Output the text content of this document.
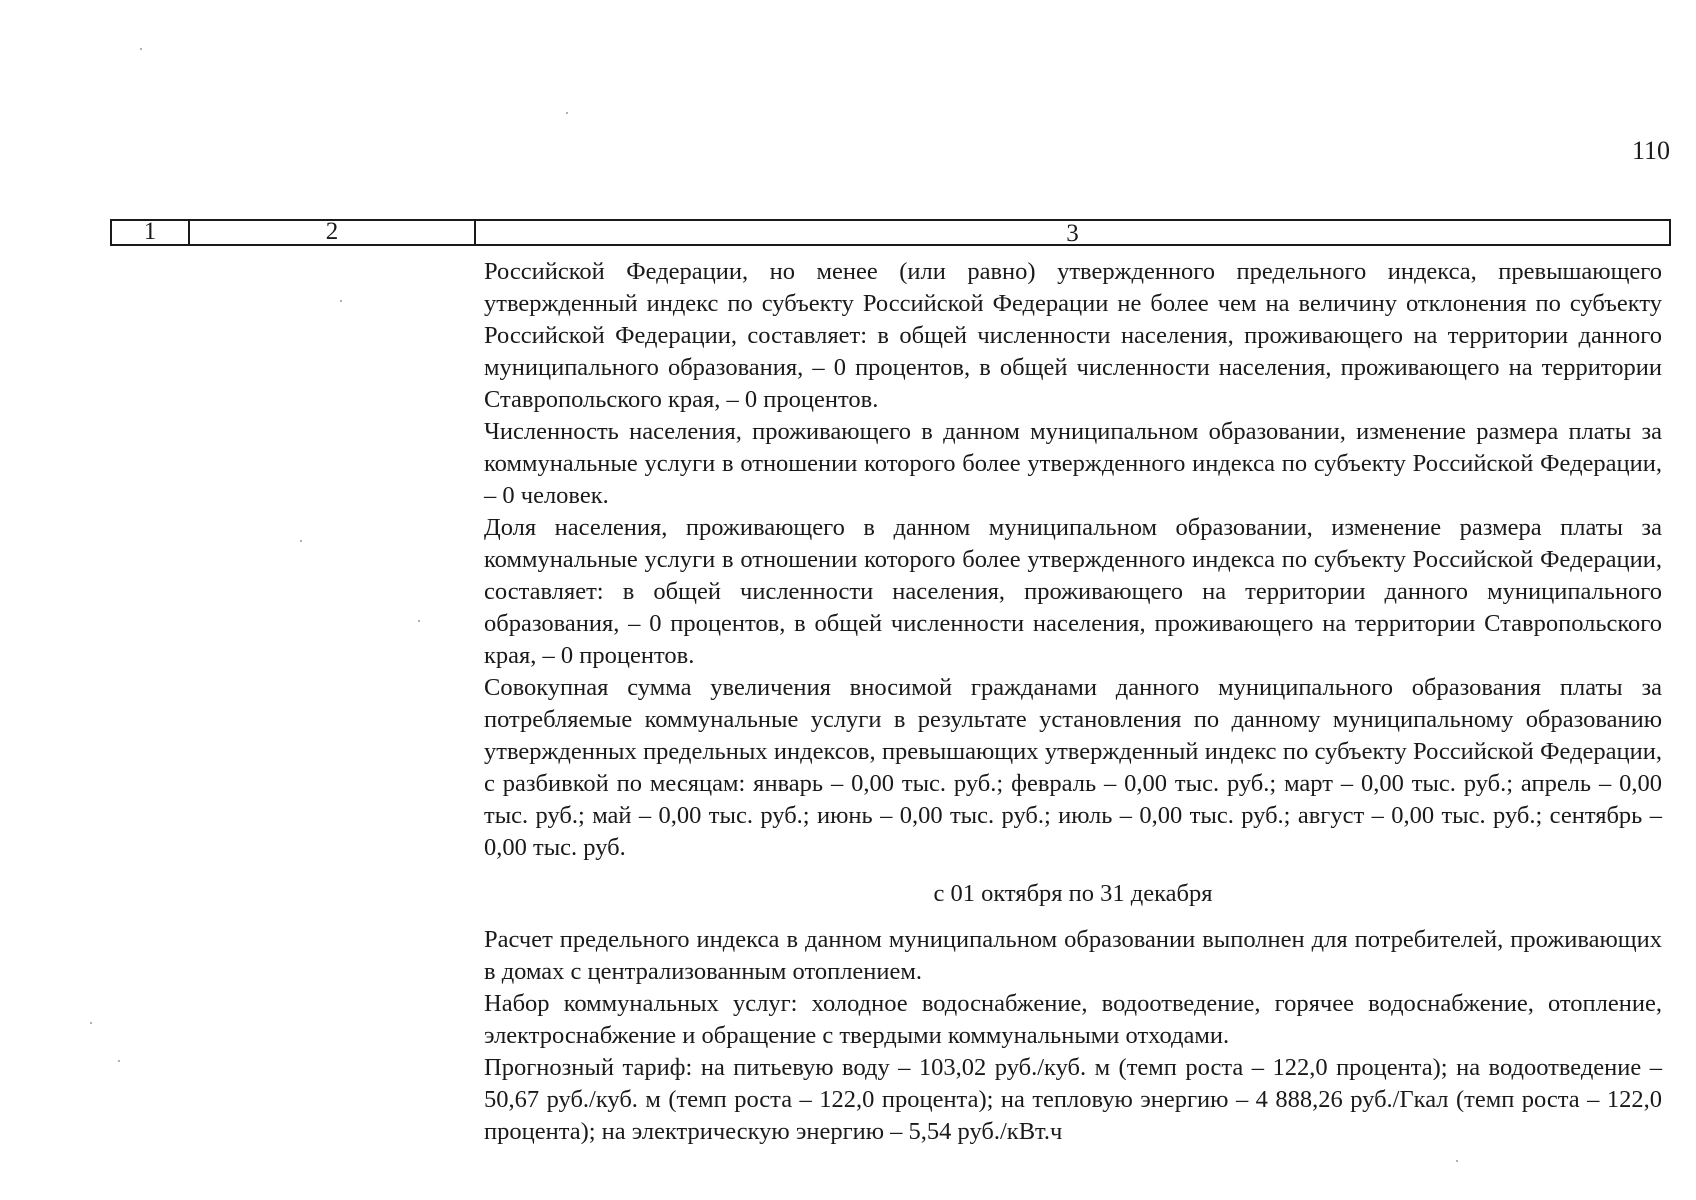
110
1	2	3

Российской Федерации, но менее (или равно) утвержденного предельного индекса, превышающего утвержденный индекс по субъекту Российской Федерации не более чем на величину отклонения по субъекту Российской Федерации, составляет: в общей численности населения, проживающего на территории данного муниципального образования, – 0 процентов, в общей численности населения, проживающего на территории Ставропольского края, – 0 процентов.

Численность населения, проживающего в данном муниципальном образовании, изменение размера платы за коммунальные услуги в отношении которого более утвержденного индекса по субъекту Российской Федерации, – 0 человек.

Доля населения, проживающего в данном муниципальном образовании, изменение размера платы за коммунальные услуги в отношении которого более утвержденного индекса по субъекту Российской Федерации, составляет: в общей численности населения, проживающего на территории данного муниципального образования, – 0 процентов, в общей численности населения, проживающего на территории Ставропольского края, – 0 процентов.

Совокупная сумма увеличения вносимой гражданами данного муниципального образования платы за потребляемые коммунальные услуги в результате установления по данному муниципальному образованию утвержденных предельных индексов, превышающих утвержденный индекс по субъекту Российской Федерации, с разбивкой по месяцам: январь – 0,00 тыс. руб.; февраль – 0,00 тыс. руб.; март – 0,00 тыс. руб.; апрель – 0,00 тыс. руб.; май – 0,00 тыс. руб.; июнь – 0,00 тыс. руб.; июль – 0,00 тыс. руб.; август – 0,00 тыс. руб.; сентябрь – 0,00 тыс. руб.

с 01 октября по 31 декабря

Расчет предельного индекса в данном муниципальном образовании выполнен для потребителей, проживающих в домах с централизованным отоплением.

Набор коммунальных услуг: холодное водоснабжение, водоотведение, горячее водоснабжение, отопление, электроснабжение и обращение с твердыми коммунальными отходами.

Прогнозный тариф: на питьевую воду – 103,02 руб./куб. м (темп роста – 122,0 процента); на водоотведение – 50,67 руб./куб. м (темп роста – 122,0 процента); на тепловую энергию – 4 888,26 руб./Гкал (темп роста – 122,0 процента); на электрическую энергию – 5,54 руб./кВт.ч
